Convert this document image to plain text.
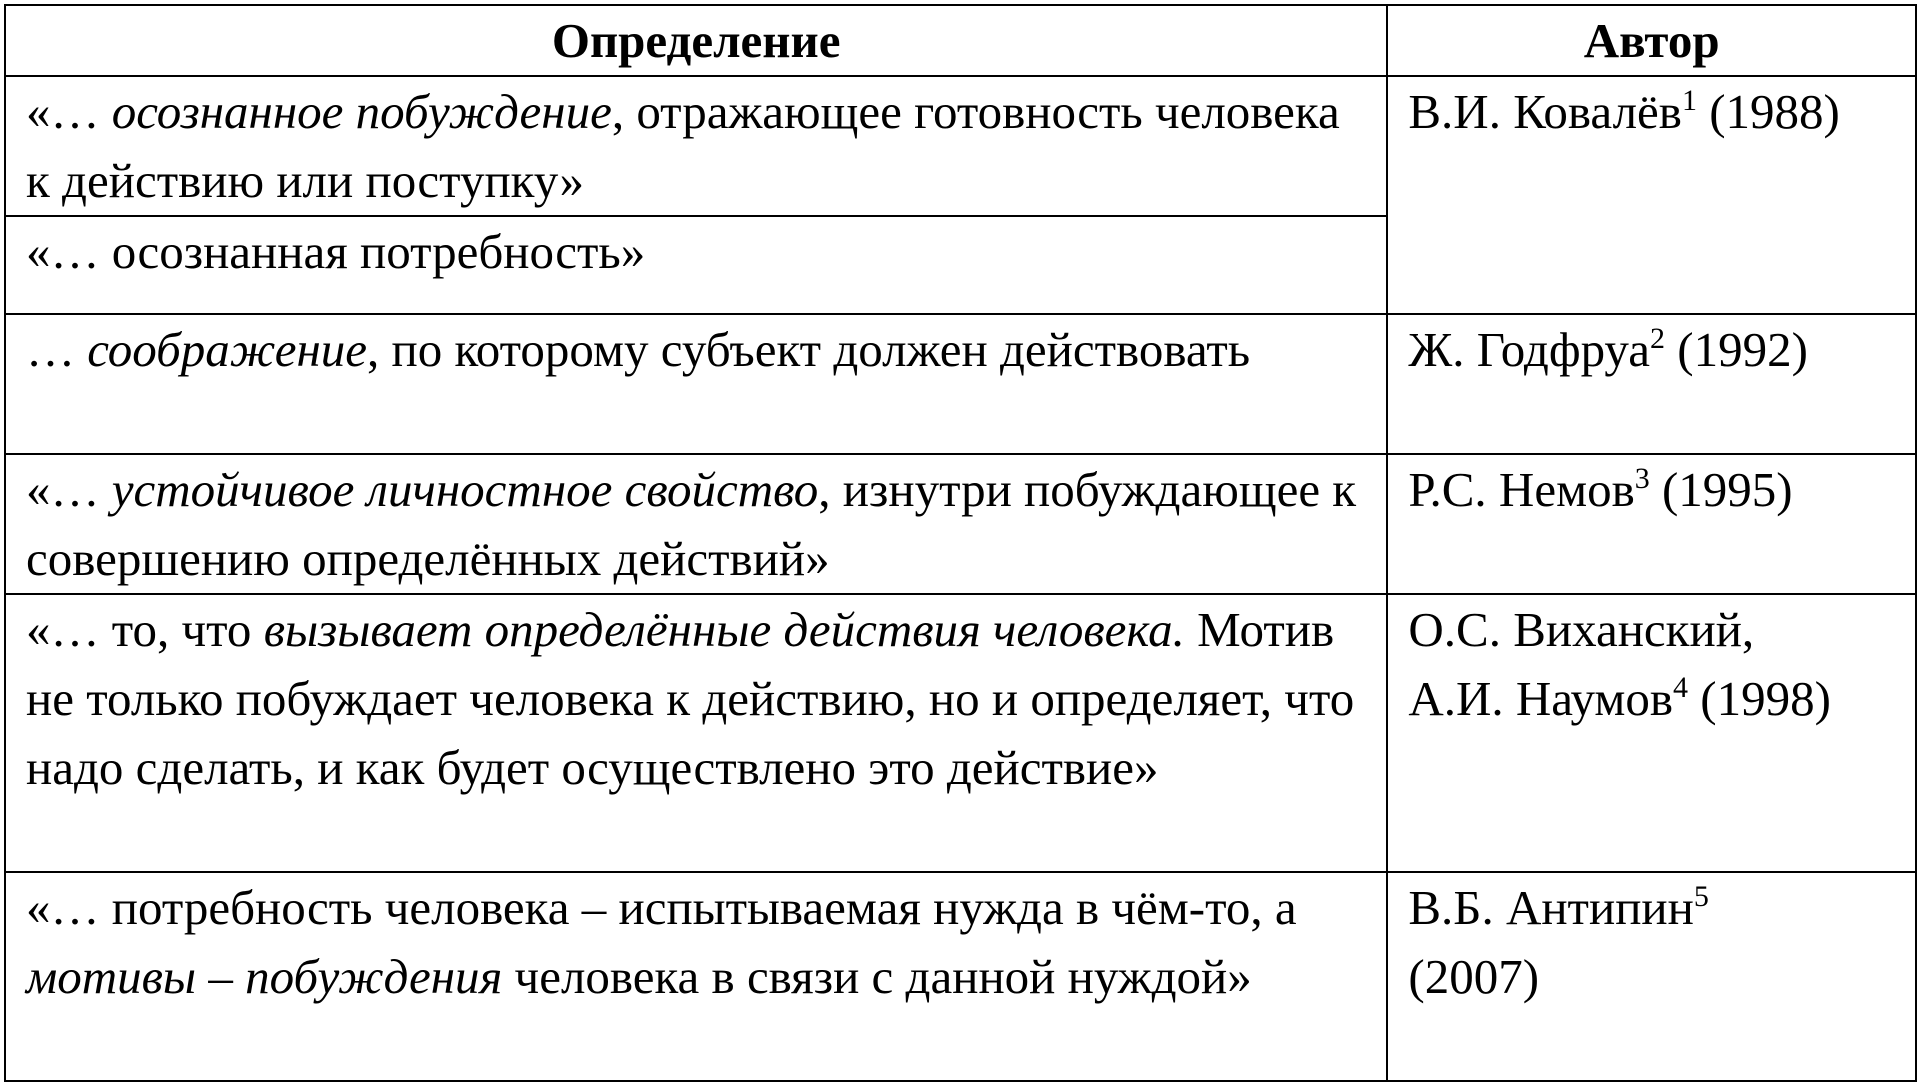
Определение	Автор
«… осознанное побуждение, отражающее готовность человека к действию или поступку»	В.И. Ковалёв$^1$ (1988)
«… осознанная потребность»	
… соображение, по которому субъект должен действовать	Ж. Годфруа$^2$ (1992)
«… устойчивое личностное свойство, изнутри побуждающее к совершению определённых действий»	Р.С. Немов$^3$ (1995)
«… то, что вызывает определённые действия человека. Мотив не только побуждает человека к действию, но и определяет, что надо сделать, и как будет осуществлено это действие»	О.С. Виханский,
А.И. Наумов$^4$ (1998)
«… потребность человека – испытываемая нужда в чём-то, а мотивы – побуждения человека в связи с данной нуждой»	В.Б. Антипин$^5$
(2007)
